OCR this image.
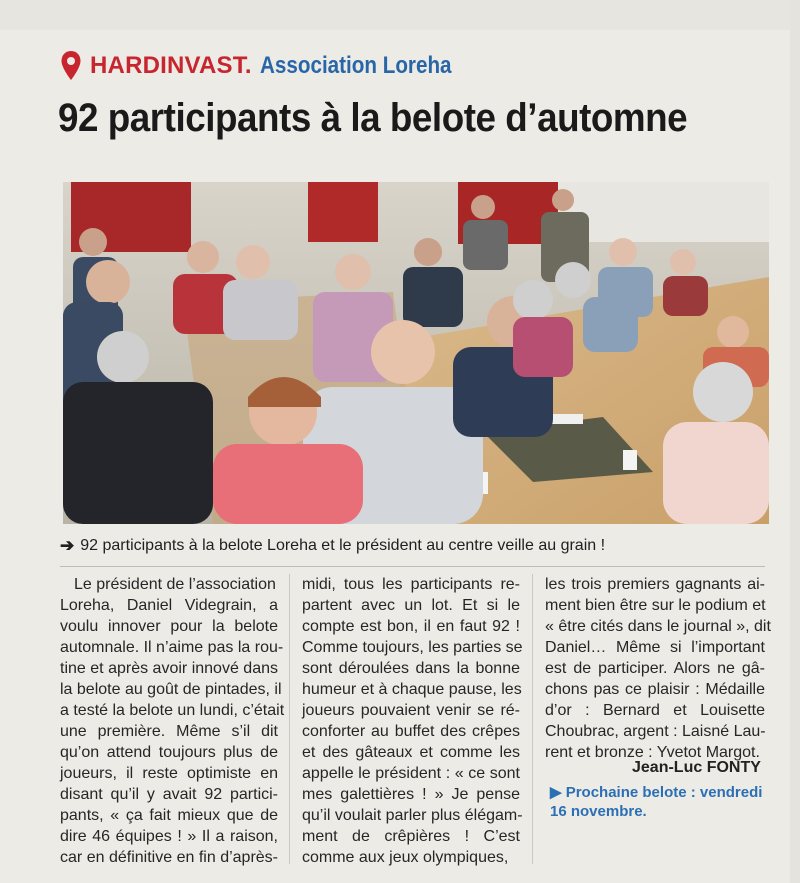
HARDINVAST. Association Loreha
92 participants à la belote d’automne
➔ 92 participants à la belote Loreha et le président au centre veille au grain !
Le président de l’association
Loreha, Daniel Videgrain, a
voulu innover pour la belote
automnale. Il n’aime pas la rou-
tine et après avoir innové dans
la belote au goût de pintades, il
a testé la belote un lundi, c’était
une première. Même s’il dit
qu’on attend toujours plus de
joueurs, il reste optimiste en
disant qu’il y avait 92 partici-
pants, « ça fait mieux que de
dire 46 équipes ! » Il a raison,
car en définitive en fin d’après-
midi, tous les participants re-
partent avec un lot. Et si le
compte est bon, il en faut 92 !
Comme toujours, les parties se
sont déroulées dans la bonne
humeur et à chaque pause, les
joueurs pouvaient venir se ré-
conforter au buffet des crêpes
et des gâteaux et comme les
appelle le président : « ce sont
mes galettières ! » Je pense
qu’il voulait parler plus élégam-
ment de crêpières ! C’est
comme aux jeux olympiques,
les trois premiers gagnants ai-
ment bien être sur le podium et
« être cités dans le journal », dit
Daniel… Même si l’important
est de participer. Alors ne gâ-
chons pas ce plaisir : Médaille
d’or : Bernard et Louisette
Choubrac, argent : Laisné Lau-
rent et bronze : Yvetot Margot.
Jean-Luc FONTY
▶ Prochaine belote : vendredi 16 novembre.
